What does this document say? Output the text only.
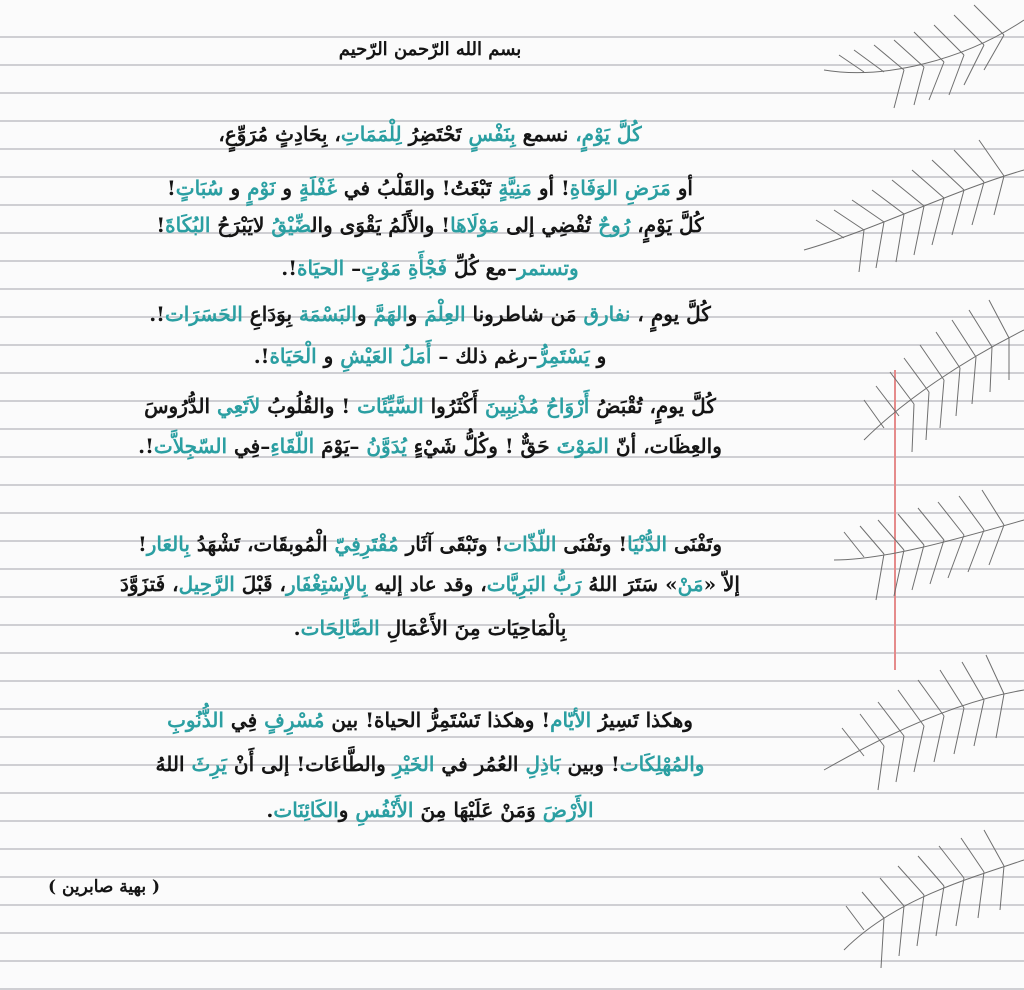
بسم الله الرّحمن الرّحيم
كُلَّ يَوْمٍ، نسمع بِنَفْسٍ تَحْتَضِرُ لِلْمَمَاتِ، بِحَادِثٍ مُرَوِّعٍ،
أو مَرَضِ الوَفَاةِ! أو مَنِيَّةٍ تَبْغَتُ! والقَلْبُ في غَفْلَةٍ و نَوْمٍ و سُبَاتٍ!
كُلَّ يَوْمٍ، رُوحٌ تُفْضِي إلى مَوْلَاهَا! والأَلَمُ يَقْوَى والضِّيْقُ لايَبْرَحُ البُكَاةَ!
وتستمر–مع كُلِّ فَجْأَةِ مَوْتٍ– الحيَاة!.
كُلَّ يومٍ ، نفارق مَن شاطرونا العِلْمَ والهَمَّ والبَسْمَة بِوَدَاعِ الحَسَرَات!.
و يَسْتَمِرُّ–رغم ذلك – أَمَلُ العَيْشِ و الْحَيَاة!.
كُلَّ يومٍ، تُقْبَضُ أَرْوَاحُ مُذْنِبِينَ أَكْثَرُوا السَّيِّئَات ! والقُلُوبُ لاَتَعِي الدُّرُوسَ
والعِظَات، أنّ المَوْتَ حَقٌّ ! وكُلُّ شَيْءٍ يُدَوَّنُ –يَوْمَ اللّقَاءِ–فِي السّجِلاَّت!.
وتَفْنَى الدُّنْيَا! وتَفْنَى اللّذّات! وتَبْقَى آثَار مُقْتَرِفِيّ الْمُوبقَات، تَشْهَدُ بِالعَار!
إلاّ «مَنْ» سَتَرَ اللهُ رَبُّ البَرِيَّات، وقد عاد إليه بِالإِسْتِغْفَار، قَبْلَ الرَّحِيل، فَتزَوَّدَ
بِالْمَاحِيَات مِنَ الأَعْمَالِ الصَّالِحَات.
وهكذا تَسِيرُ الأيّام! وهكذا تَسْتَمِرُّ الحياة! بين مُسْرِفٍ فِي الذُّنُوبِ
والمُهْلِكَات! وبين بَاذِلِ العُمُر في الخَيْرِ والطَّاعَات! إلى أَنْ يَرِثَ اللهُ
الأَرْضَ وَمَنْ عَلَيْهَا مِنَ الأَنْفُسِ والكَائِنَات.
( بهية صابرين )
